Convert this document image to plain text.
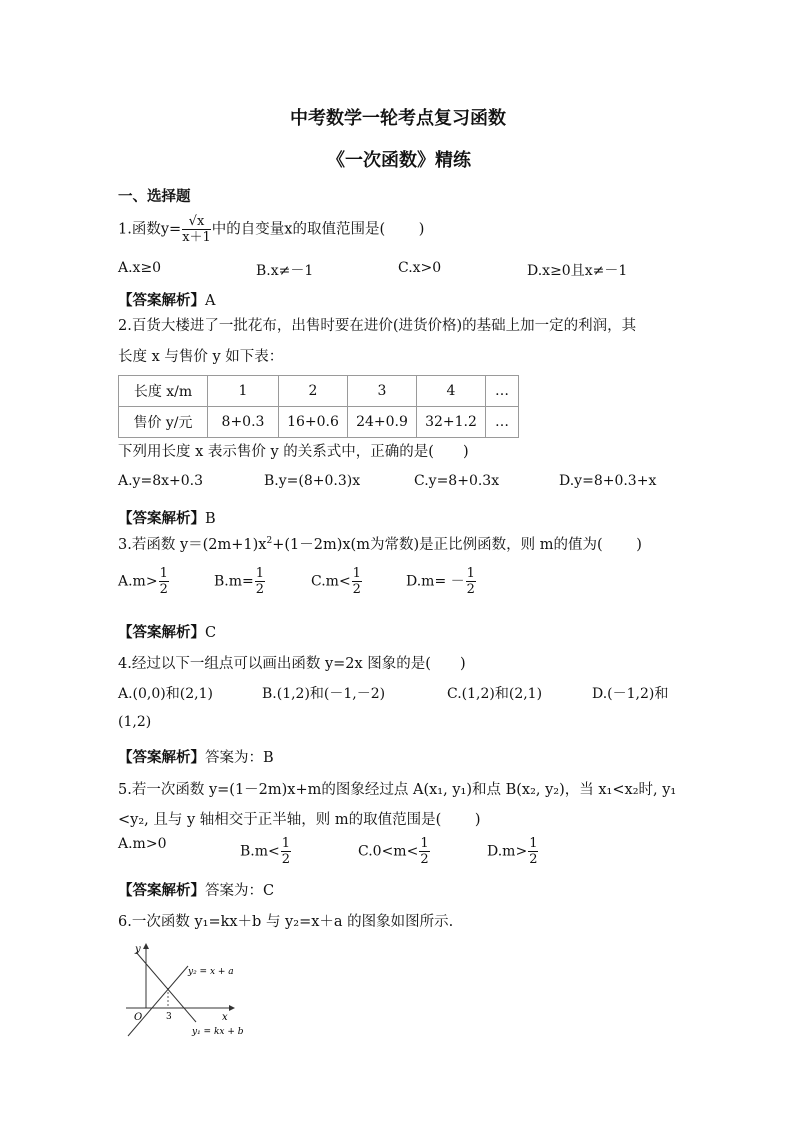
中考数学一轮考点复习函数
《一次函数》精练
一、选择题
1.函数$y= \frac{√x}{x+1}$ 中的自变量x的取值范围是(　　 )
A.x≥0	B.x≠－1	C.x>0	D.x≥0且x≠－1
【答案解析】A
2.百货大楼进了一批花布，出售时要在进价(进货价格)的基础上加一定的利润，其
长度 x 与售价 y 如下表：
长度 x/m	1	2	3	4	…
售价 y/元	8+0.3	16+0.6	24+0.9	32+1.2	…
下列用长度 x 表示售价 y 的关系式中，正确的是(　　)
A.y=8x+0.3	B.y=(8+0.3)x	C.y=8+0.3x	D.y=8+0.3+x
【答案解析】B
3.若函数 $y=(2m+1)x^2+(1-2m)x(m$为常数)是正比例函数，则 m的值为(　　 )
$A.m> \frac{1}{2}$	$B.m= \frac{1}{2}$	$C.m< \frac{1}{2}$	$D.m= - \frac{1}{2}$
【答案解析】C
4.经过以下一组点可以画出函数 y=2x 图象的是(　　)
A.(0,0)和(2,1)	B.(1,2)和(－1,－2)	C.(1,2)和(2,1)	D.(－1,2)和
(1,2)
【答案解析】答案为：B
5.若一次函数 y=(1－2m)x+m的图象经过点 A(x₁, y₁)和点 B(x₂, y₂)，当 x₁<x₂时, y₁
<y₂, 且与 y 轴相交于正半轴，则 m的取值范围是(　　 )
A.m>0	$B.m< \frac{1}{2}$	$C.0<m< \frac{1}{2}$	$D.m> \frac{1}{2}$
【答案解析】答案为：C
6.一次函数 y₁=kx＋b 与 y₂=x＋a 的图象如图所示.
y
x
O	3
y₂ = x + a
y₁ = kx + b
